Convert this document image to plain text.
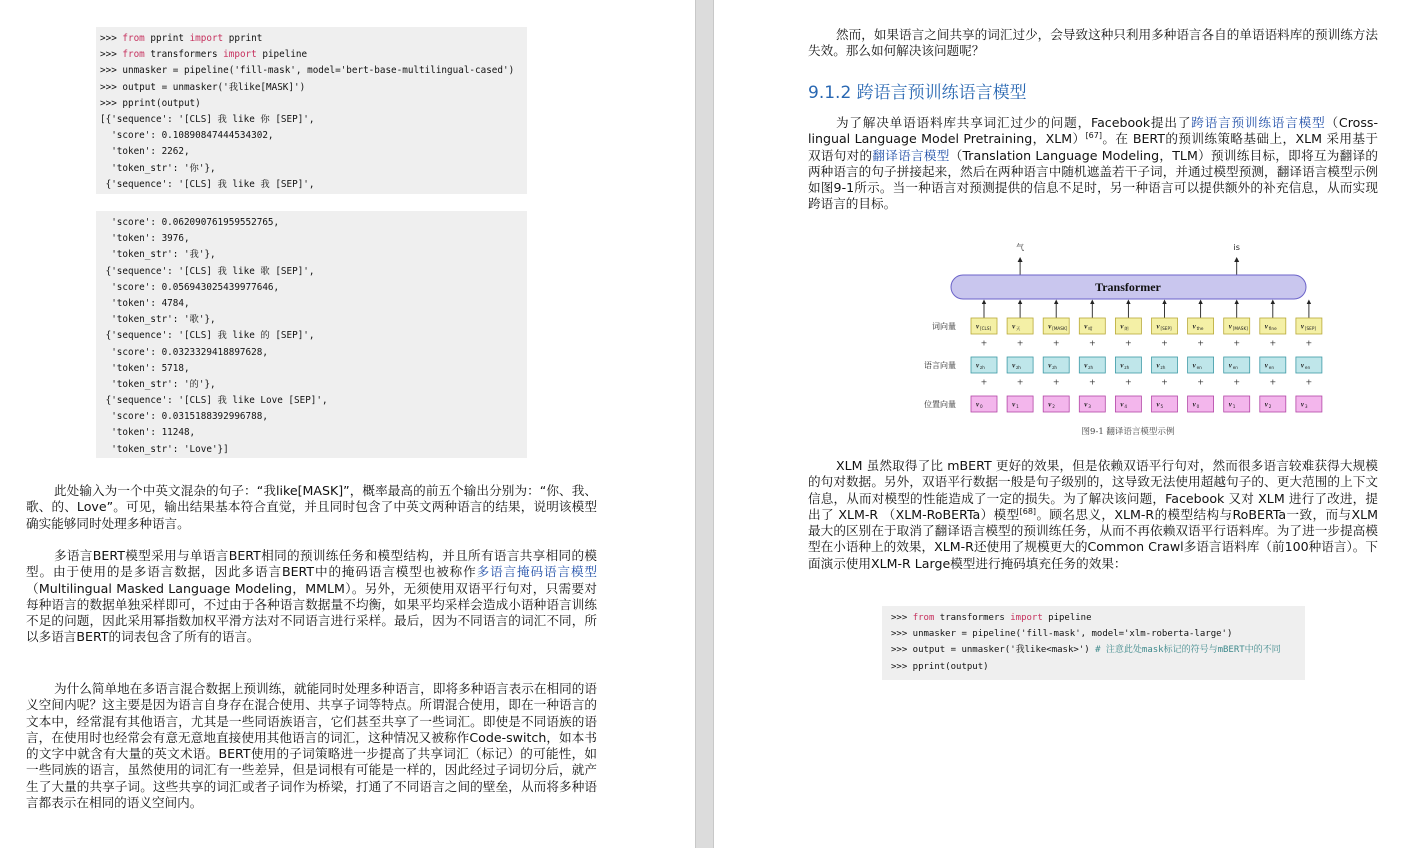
>>> from pprint import pprint
>>> from transformers import pipeline
>>> unmasker = pipeline('fill-mask', model='bert-base-multilingual-cased')
>>> output = unmasker('我like[MASK]')
>>> pprint(output)
[{'sequence': '[CLS] 我 like 你 [SEP]',
'score': 0.10890847444534302,
'token': 2262,
'token_str': '你'},
{'sequence': '[CLS] 我 like 我 [SEP]',
'score': 0.062090761959552765,
'token': 3976,
'token_str': '我'},
{'sequence': '[CLS] 我 like 歌 [SEP]',
'score': 0.056943025439977646,
'token': 4784,
'token_str': '歌'},
{'sequence': '[CLS] 我 like 的 [SEP]',
'score': 0.0323329418897628,
'token': 5718,
'token_str': '的'},
{'sequence': '[CLS] 我 like Love [SEP]',
'score': 0.0315188392996788,
'token': 11248,
'token_str': 'Love'}]

此处输入为一个中英文混杂的句子：“我like[MASK]”，概率最高的前五个输出分别为：“你、我、歌、的、Love”。可见，输出结果基本符合直觉，并且同时包含了中英文两种语言的结果，说明该模型确实能够同时处理多种语言。

多语言BERT模型采用与单语言BERT相同的预训练任务和模型结构，并且所有语言共享相同的模型。由于使用的是多语言数据，因此多语言BERT中的掩码语言模型也被称作多语言掩码语言模型（Multilingual Masked Language Modeling，MMLM）。另外，无须使用双语平行句对，只需要对每种语言的数据单独采样即可，不过由于各种语言数据量不均衡，如果平均采样会造成小语种语言训练不足的问题，因此采用幂指数加权平滑方法对不同语言进行采样。最后，因为不同语言的词汇不同，所以多语言BERT的词表包含了所有的语言。

为什么简单地在多语言混合数据上预训练，就能同时处理多种语言，即将多种语言表示在相同的语义空间内呢？这主要是因为语言自身存在混合使用、共享子词等特点。所谓混合使用，即在一种语言的文本中，经常混有其他语言，尤其是一些同语族语言，它们甚至共享了一些词汇。即使是不同语族的语言，在使用时也经常会有意无意地直接使用其他语言的词汇，这种情况又被称作Code-switch，如本书的文字中就含有大量的英文术语。BERT使用的子词策略进一步提高了共享词汇（标记）的可能性，如一些同族的语言，虽然使用的词汇有一些差异，但是词根有可能是一样的，因此经过子词切分后，就产生了大量的共享子词。这些共享的词汇或者子词作为桥梁，打通了不同语言之间的壁垒，从而将多种语言都表示在相同的语义空间内。

然而，如果语言之间共享的词汇过少，会导致这种只利用多种语言各自的单语语料库的预训练方法失效。那么如何解决该问题呢？

9.1.2 跨语言预训练语言模型

为了解决单语语料库共享词汇过少的问题，Facebook提出了跨语言预训练语言模型（Cross-lingual Language Model Pretraining，XLM）[67]。在 BERT的预训练策略基础上，XLM 采用基于双语句对的翻译语言模型（Translation Language Modeling，TLM）预训练目标，即将互为翻译的两种语言的句子拼接起来，然后在两种语言中随机遮盖若干子词，并通过模型预测，翻译语言模型示例如图9-1所示。当一种语言对预测提供的信息不足时，另一种语言可以提供额外的补充信息，从而实现跨语言的目标。

气	is
Transformer
词向量
语言向量
位置向量
v [CLS]
+
v zh
+
v 0
v 天
+
v zh
+
v 1
v [MASK]
+
v zh
+
v 2
v 晴
+
v zh
+
v 3
v 朗
+
v zh
+
v 4
v [SEP]
+
v zh
+
v 5
v the
+
v en
+
v 0
v [MASK]
+
v en
+
v 1
v fine
+
v en
+
v 2
v [SEP]
+
v en
+
v 3
图9-1 翻译语言模型示例

XLM 虽然取得了比 mBERT 更好的效果，但是依赖双语平行句对，然而很多语言较难获得大规模的句对数据。另外，双语平行数据一般是句子级别的，这导致无法使用超越句子的、更大范围的上下文信息，从而对模型的性能造成了一定的损失。为了解决该问题，Facebook 又对 XLM 进行了改进，提出了 XLM-R （XLM-RoBERTa）模型[68]。顾名思义，XLM-R的模型结构与RoBERTa一致，而与XLM最大的区别在于取消了翻译语言模型的预训练任务，从而不再依赖双语平行语料库。为了进一步提高模型在小语种上的效果，XLM-R还使用了规模更大的Common Crawl多语言语料库（前100种语言）。下面演示使用XLM-R Large模型进行掩码填充任务的效果：

>>> from transformers import pipeline
>>> unmasker = pipeline('fill-mask', model='xlm-roberta-large')
>>> output = unmasker('我like<mask>') # 注意此处mask标记的符号与mBERT中的不同
>>> pprint(output)
